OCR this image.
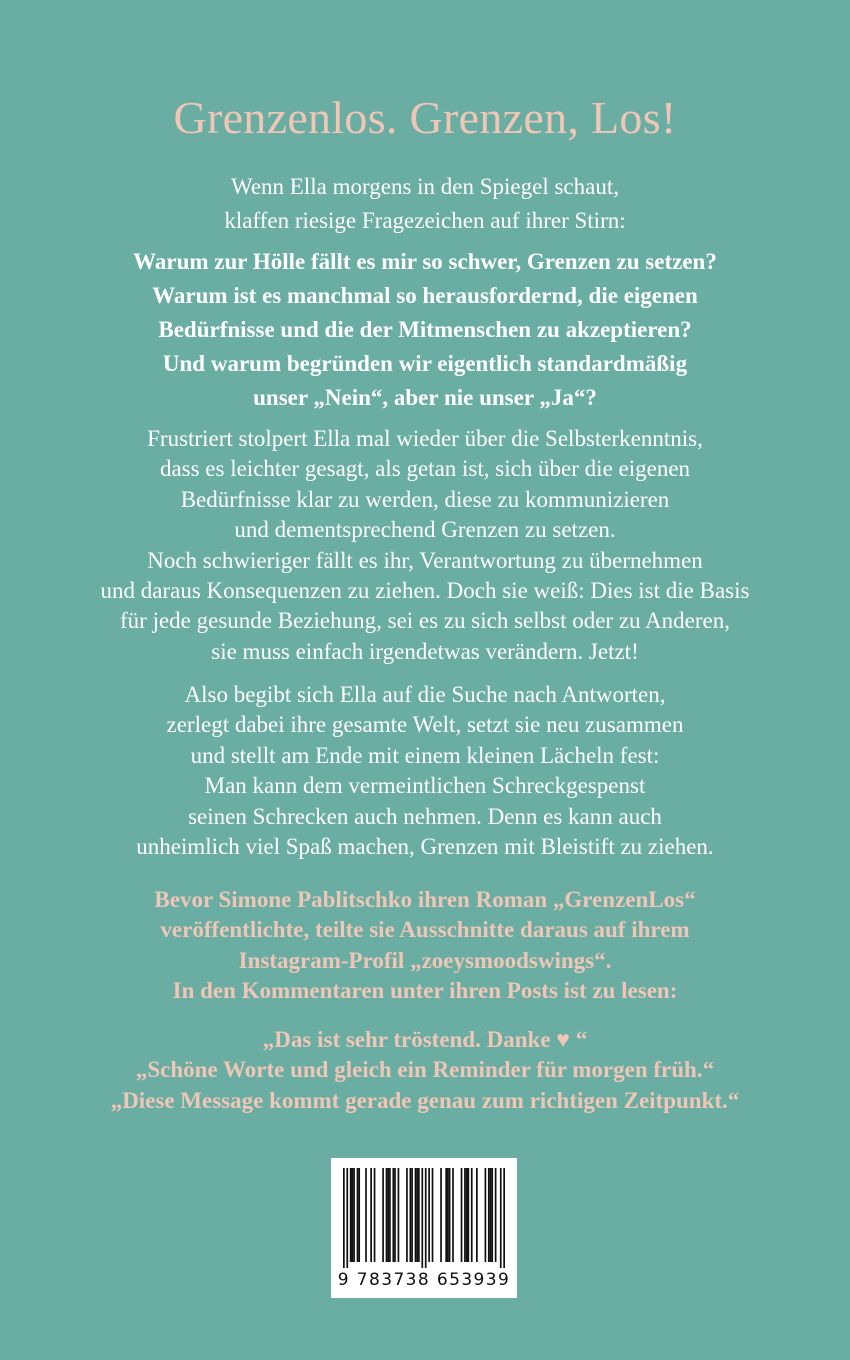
Grenzenlos. Grenzen, Los!
Wenn Ella morgens in den Spiegel schaut,
klaffen riesige Fragezeichen auf ihrer Stirn:
Warum zur Hölle fällt es mir so schwer, Grenzen zu setzen?
Warum ist es manchmal so herausfordernd, die eigenen
Bedürfnisse und die der Mitmenschen zu akzeptieren?
Und warum begründen wir eigentlich standardmäßig
unser „Nein“, aber nie unser „Ja“?
Frustriert stolpert Ella mal wieder über die Selbsterkenntnis,
dass es leichter gesagt, als getan ist, sich über die eigenen
Bedürfnisse klar zu werden, diese zu kommunizieren
und dementsprechend Grenzen zu setzen.
Noch schwieriger fällt es ihr, Verantwortung zu übernehmen
und daraus Konsequenzen zu ziehen. Doch sie weiß: Dies ist die Basis
für jede gesunde Beziehung, sei es zu sich selbst oder zu Anderen,
sie muss einfach irgendetwas verändern. Jetzt!
Also begibt sich Ella auf die Suche nach Antworten,
zerlegt dabei ihre gesamte Welt, setzt sie neu zusammen
und stellt am Ende mit einem kleinen Lächeln fest:
Man kann dem vermeintlichen Schreckgespenst
seinen Schrecken auch nehmen. Denn es kann auch
unheimlich viel Spaß machen, Grenzen mit Bleistift zu ziehen.
Bevor Simone Pablitschko ihren Roman „GrenzenLos“
veröffentlichte, teilte sie Ausschnitte daraus auf ihrem
Instagram-Profil „zoeysmoodswings“.
In den Kommentaren unter ihren Posts ist zu lesen:
„Das ist sehr tröstend. Danke ♥ “
„Schöne Worte und gleich ein Reminder für morgen früh.“
„Diese Message kommt gerade genau zum richtigen Zeitpunkt.“
9 783738 653939
